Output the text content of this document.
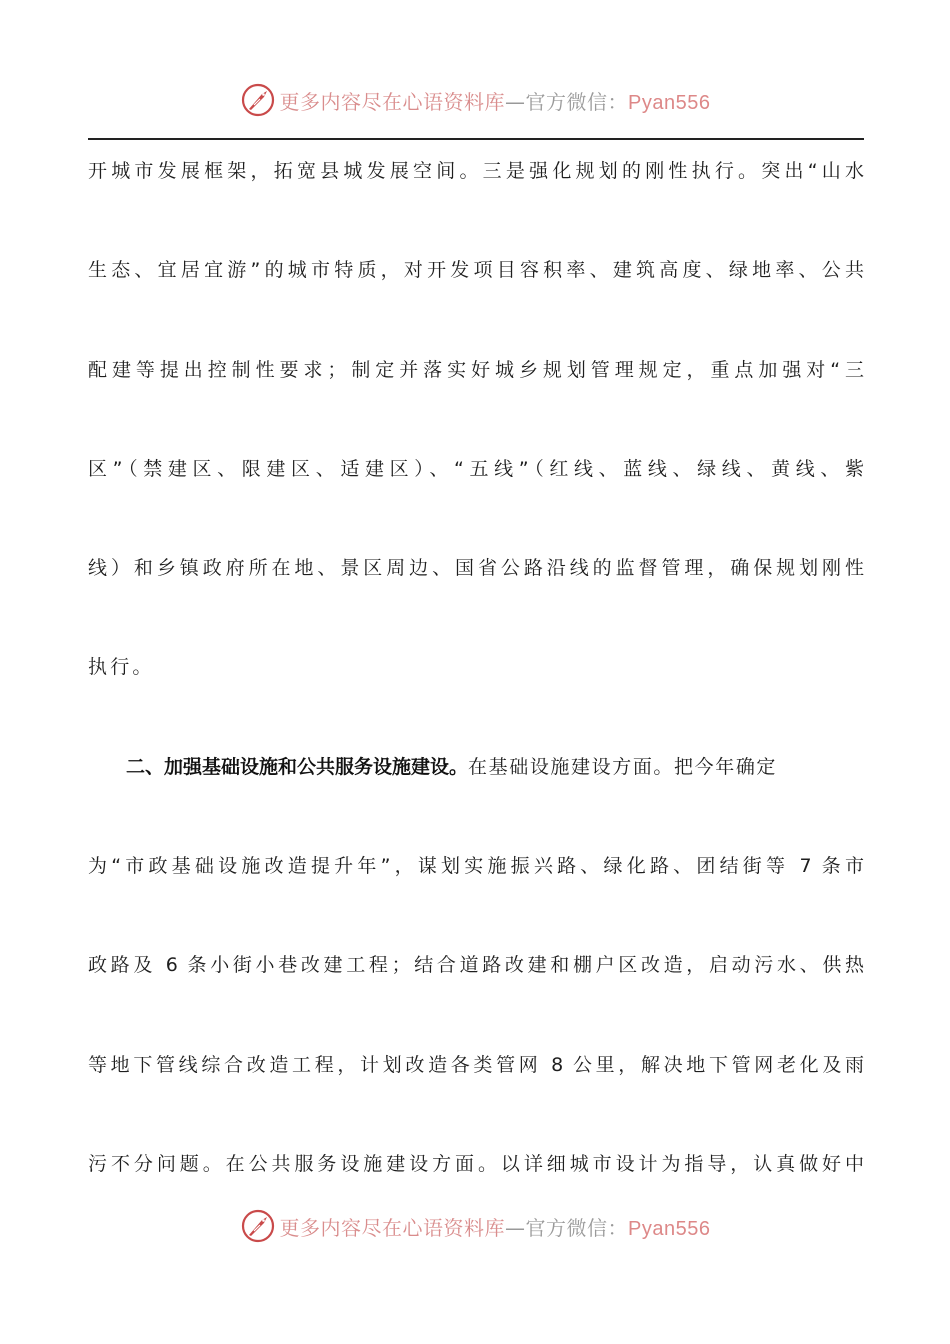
更多内容尽在心语资料库—官方微信：Pyan556
开城市发展框架，拓宽县城发展空间。三是强化规划的刚性执行。突出“山水
生态、宜居宜游”的城市特质，对开发项目容积率、建筑高度、绿地率、公共
配建等提出控制性要求；制定并落实好城乡规划管理规定，重点加强对“三
区”（禁建区、限建区、适建区）、“五线”（红线、蓝线、绿线、黄线、紫
线）和乡镇政府所在地、景区周边、国省公路沿线的监督管理，确保规划刚性
执行。
二、加强基础设施和公共服务设施建设。在基础设施建设方面。把今年确定
为“市政基础设施改造提升年”，谋划实施振兴路、绿化路、团结街等 7 条市
政路及 6 条小街小巷改建工程；结合道路改建和棚户区改造，启动污水、供热
等地下管线综合改造工程，计划改造各类管网 8 公里，解决地下管网老化及雨
污不分问题。在公共服务设施建设方面。以详细城市设计为指导，认真做好中
更多内容尽在心语资料库—官方微信：Pyan556
